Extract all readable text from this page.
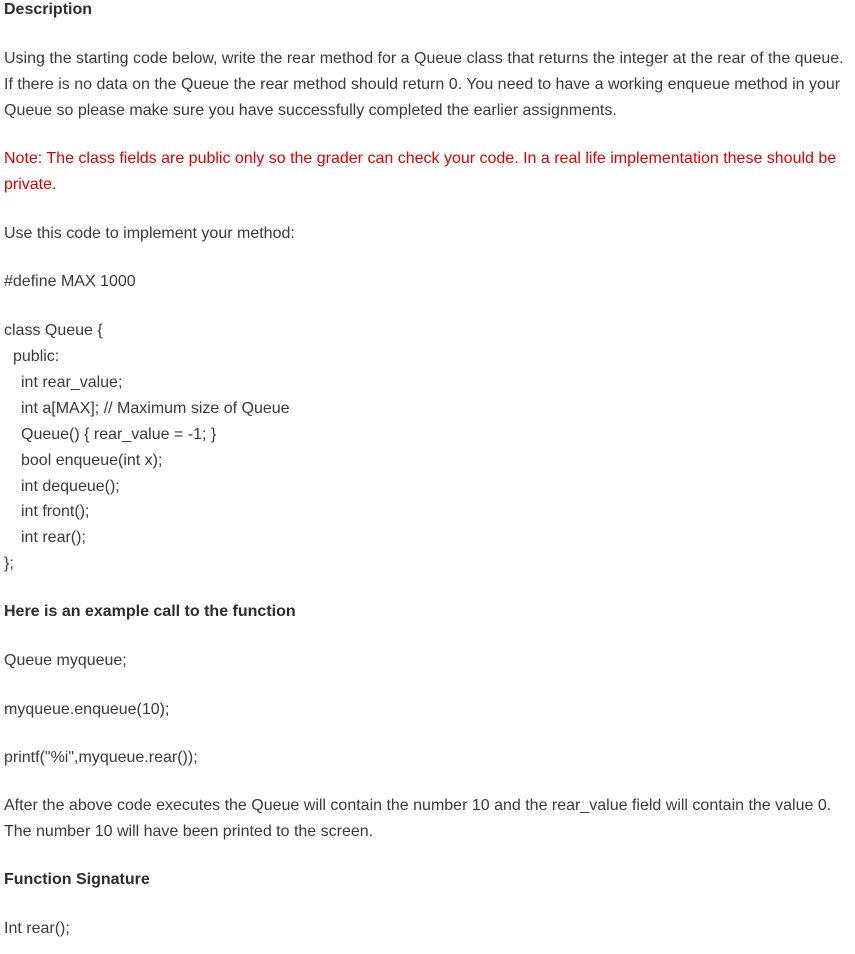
Description
Using the starting code below, write the rear method for a Queue class that returns the integer at the rear of the queue. If there is no data on the Queue the rear method should return 0. You need to have a working enqueue method in your Queue so please make sure you have successfully completed the earlier assignments.
Note: The class fields are public only so the grader can check your code. In a real life implementation these should be private.
Use this code to implement your method:
#define MAX 1000
class Queue {
public:
int rear_value;
int a[MAX]; // Maximum size of Queue
Queue() { rear_value = -1; }
bool enqueue(int x);
int dequeue();
int front();
int rear();
};
Here is an example call to the function
Queue myqueue;
myqueue.enqueue(10);
printf("%i",myqueue.rear());
After the above code executes the Queue will contain the number 10 and the rear_value field will contain the value 0. The number 10 will have been printed to the screen.
Function Signature
Int rear();
